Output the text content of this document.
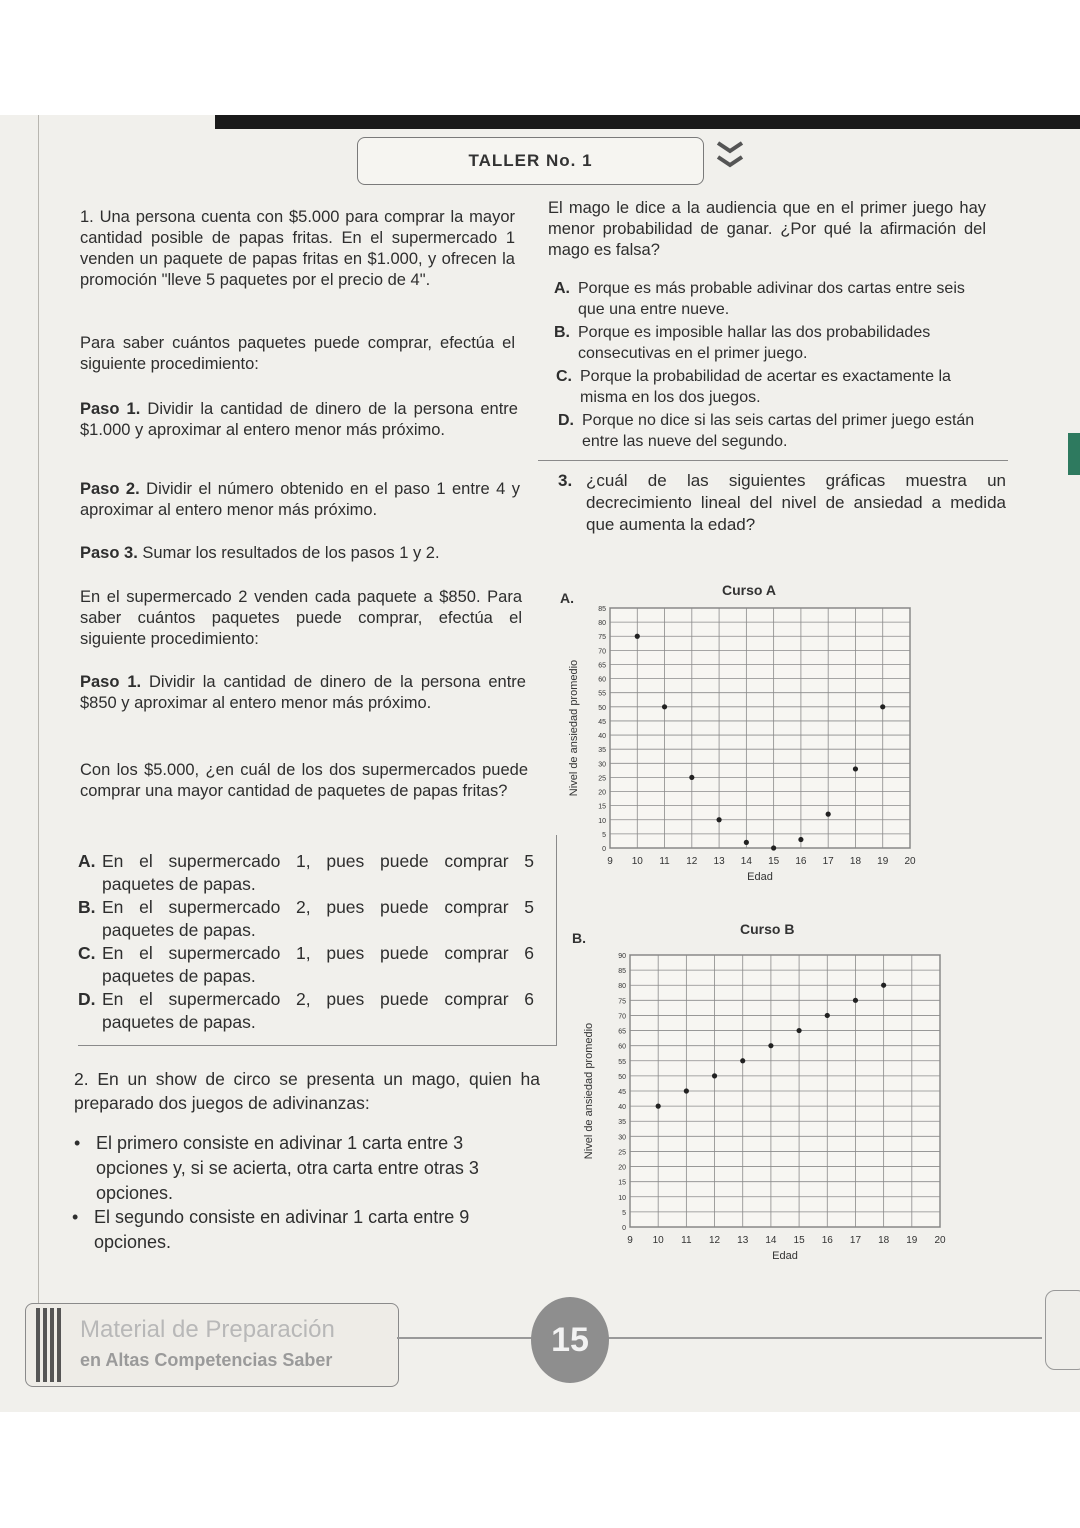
TALLER No. 1
1. Una persona cuenta con $5.000 para comprar la mayor cantidad posible de papas fritas. En el supermercado 1 venden un paquete de papas fritas en $1.000, y ofrecen la promoción "lleve 5 paquetes por el precio de 4".
Para saber cuántos paquetes puede comprar, efectúa el siguiente procedimiento:
Paso 1. Dividir la cantidad de dinero de la persona entre $1.000 y aproximar al entero menor más próximo.
Paso 2. Dividir el número obtenido en el paso 1 entre 4 y aproximar al entero menor más próximo.
Paso 3. Sumar los resultados de los pasos 1 y 2.
En el supermercado 2 venden cada paquete a $850. Para saber cuántos paquetes puede comprar, efectúa el siguiente procedimiento:
Paso 1. Dividir la cantidad de dinero de la persona entre $850 y aproximar al entero menor más próximo.
Con los $5.000, ¿en cuál de los dos supermercados puede comprar una mayor cantidad de paquetes de papas fritas?
A. En el supermercado 1, pues puede comprar 5 paquetes de papas.
B. En el supermercado 2, pues puede comprar 5 paquetes de papas.
C. En el supermercado 1, pues puede comprar 6 paquetes de papas.
D. En el supermercado 2, pues puede comprar 6 paquetes de papas.
2. En un show de circo se presenta un mago, quien ha preparado dos juegos de adivinanzas:
• El primero consiste en adivinar 1 carta entre 3 opciones y, si se acierta, otra carta entre otras 3 opciones.
• El segundo consiste en adivinar 1 carta entre 9 opciones.
El mago le dice a la audiencia que en el primer juego hay menor probabilidad de ganar. ¿Por qué la afirmación del mago es falsa?
A. Porque es más probable adivinar dos cartas entre seis que una entre nueve.
B. Porque es imposible hallar las dos probabilidades consecutivas en el primer juego.
C. Porque la probabilidad de acertar es exactamente la misma en los dos juegos.
D. Porque no dice si las seis cartas del primer juego están entre las nueve del segundo.
3. ¿cuál de las siguientes gráficas muestra un decrecimiento lineal del nivel de ansiedad a medida que aumenta la edad?
A.	Curso A
9 10 11 12 13 14 15 16 17 18 19 20
0
5
10
15
20
25
30
35
40
45
50
55
60
65
70
75
80
85
Edad
Nivel de ansiedad promedio
B.
Curso B
9 10 11 12 13 14 15 16 17 18 19 20
0
5
10
15
20
25
30
35
40
45
50
55
60
65
70
75
80
85
90
Edad
Nivel de ansiedad promedio
Material de Preparación
en Altas Competencias Saber
15
